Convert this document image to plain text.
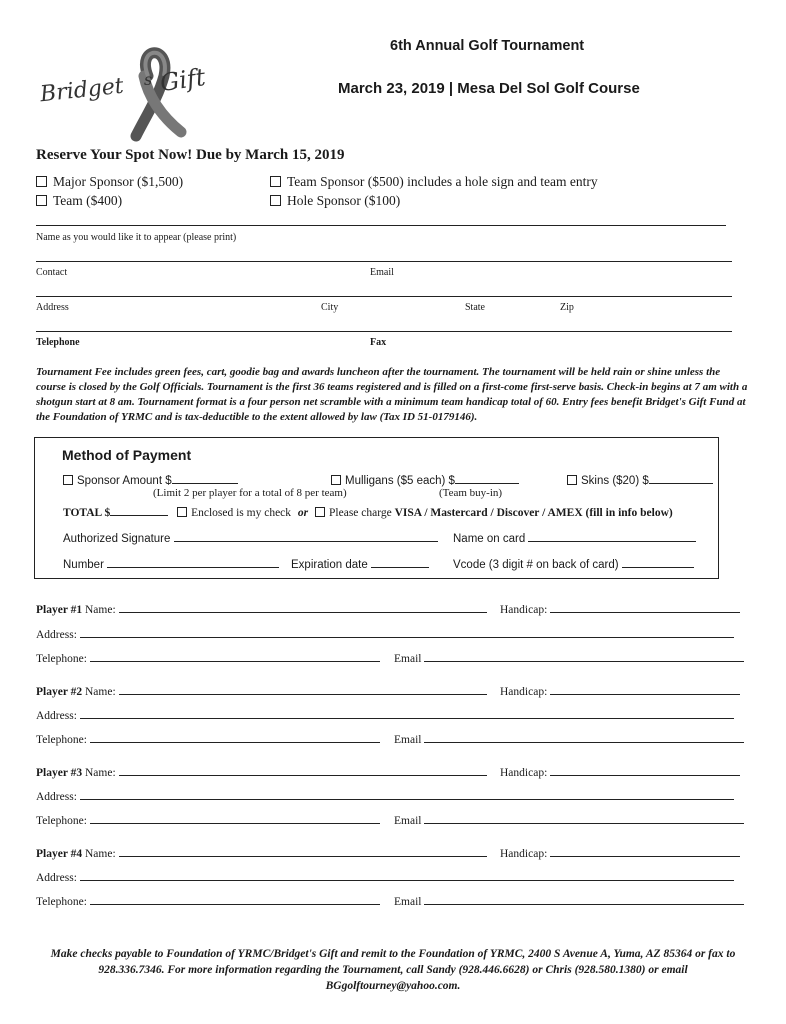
Bridget s Gift
6th Annual Golf Tournament
March 23, 2019 | Mesa Del Sol Golf Course
Reserve Your Spot Now! Due by March 15, 2019
Major Sponsor ($1,500)	Team Sponsor ($500) includes a hole sign and team entry
Team ($400)	Hole Sponsor ($100)
Name as you would like it to appear (please print)
Contact	Email
Address	City	State	Zip
Telephone	Fax
Tournament Fee includes green fees, cart, goodie bag and awards luncheon after the tournament. The tournament will be held rain or shine unless the course is closed by the Golf Officials. Tournament is the first 36 teams registered and is filled on a first-come first-serve basis. Check-in begins at 7 am with a shotgun start at 8 am. Tournament format is a four person net scramble with a minimum team handicap total of 60. Entry fees benefit Bridget's Gift Fund at the Foundation of YRMC and is tax-deductible to the extent allowed by law (Tax ID 51-0179146).
Method of Payment
Sponsor Amount $
(Limit 2 per player for a total of 8 per team)
Mulligans ($5 each) $
(Team buy-in)
Skins ($20) $
TOTAL $	Enclosed is my check or Please charge VISA / Mastercard / Discover / AMEX (fill in info below)
Authorized Signature	Name on card
Number	Expiration date	Vcode (3 digit # on back of card)
Player #1 Name:	Handicap:
Address:
Telephone:	Email
Player #2 Name:	Handicap:
Address:
Telephone:	Email
Player #3 Name:	Handicap:
Address:
Telephone:	Email
Player #4 Name:	Handicap:
Address:
Telephone:	Email
Make checks payable to Foundation of YRMC/Bridget's Gift and remit to the Foundation of YRMC, 2400 S Avenue A, Yuma, AZ 85364 or fax to 928.336.7346. For more information regarding the Tournament, call Sandy (928.446.6628) or Chris (928.580.1380) or email BGgolftourney@yahoo.com.
